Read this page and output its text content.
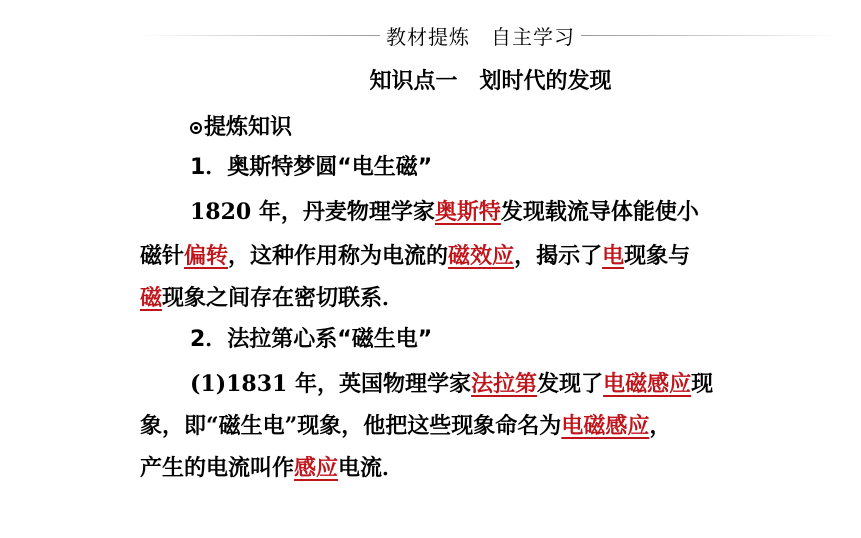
教材提炼　自主学习
知识点一　划时代的发现
提炼知识
1．奥斯特梦圆“电生磁”
1820 年，丹麦物理学家奥斯特发现载流导体能使小
磁针偏转，这种作用称为电流的磁效应，揭示了电现象与
磁现象之间存在密切联系．
2．法拉第心系“磁生电”
(1)1831 年，英国物理学家法拉第发现了电磁感应现
象，即“磁生电”现象，他把这些现象命名为电磁感应，
产生的电流叫作感应电流．
